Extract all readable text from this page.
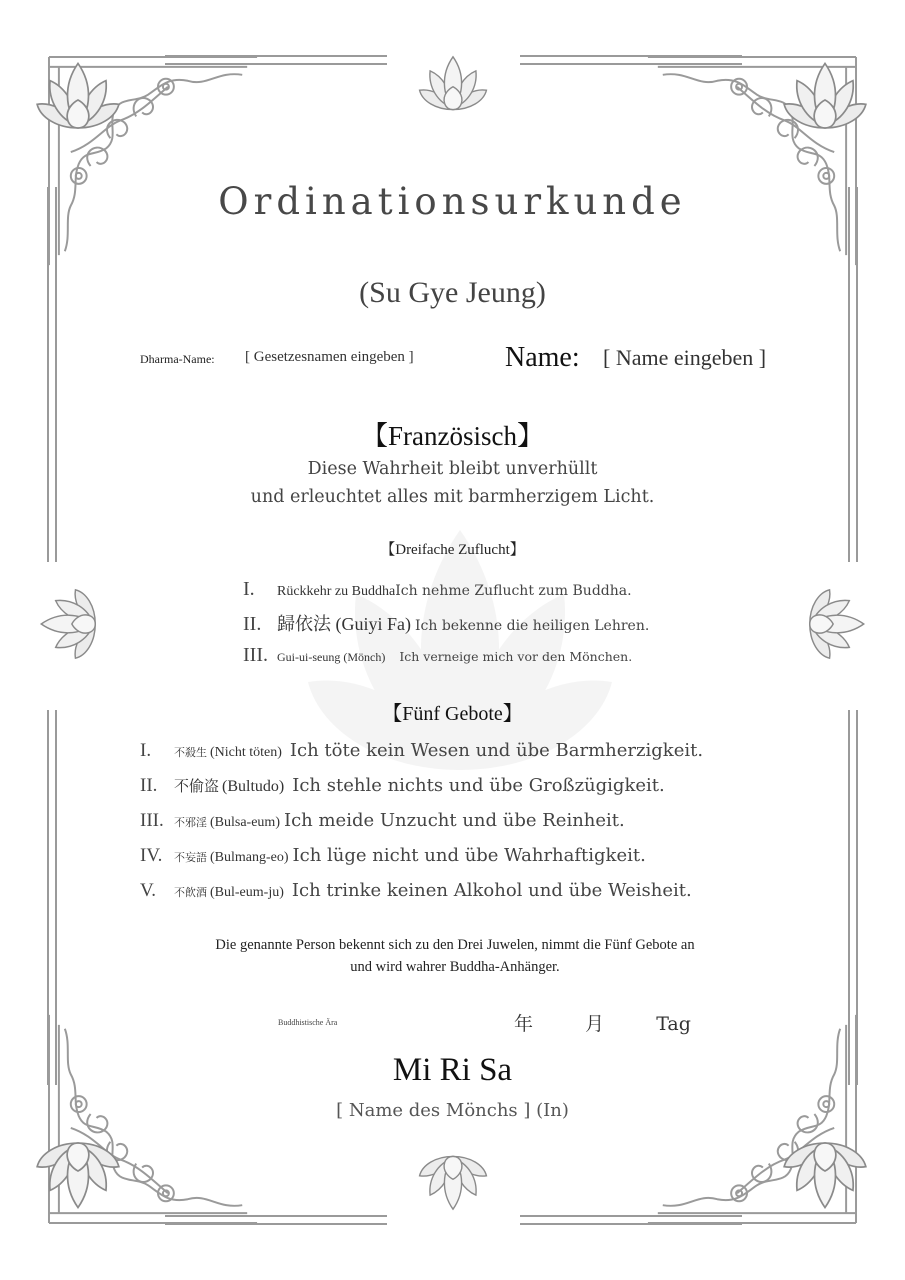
Ordinationsurkunde
(Su Gye Jeung)
Dharma-Name: [ Gesetzesnamen eingeben ]	Name: [ Name eingeben ]
【Französisch】
Diese Wahrheit bleibt unverhüllt
und erleuchtet alles mit barmherzigem Licht.
【Dreifache Zuflucht】
I.	Rückkehr zu Buddha Ich nehme Zuflucht zum Buddha.
II. 歸依法 (Guiyi Fa) Ich bekenne die heiligen Lehren.
III. Gui-ui-seung (Mönch) Ich verneige mich vor den Mönchen.
【Fünf Gebote】
I.	不殺生 (Nicht töten) Ich töte kein Wesen und übe Barmherzigkeit.
II.	不偷盗 (Bultudo) Ich stehle nichts und übe Großzügigkeit.
III. 不邪淫 (Bulsa-eum) Ich meide Unzucht und übe Reinheit.
IV.	不妄語 (Bulmang-eo) Ich lüge nicht und übe Wahrhaftigkeit.
V.	不飮酒 (Bul-eum-ju) Ich trinke keinen Alkohol und übe Weisheit.
Die genannte Person bekennt sich zu den Drei Juwelen, nimmt die Fünf Gebote an
und wird wahrer Buddha-Anhänger.
Buddhistische Ära	年	月	Tag
Mi Ri Sa
[ Name des Mönchs ] (In)
